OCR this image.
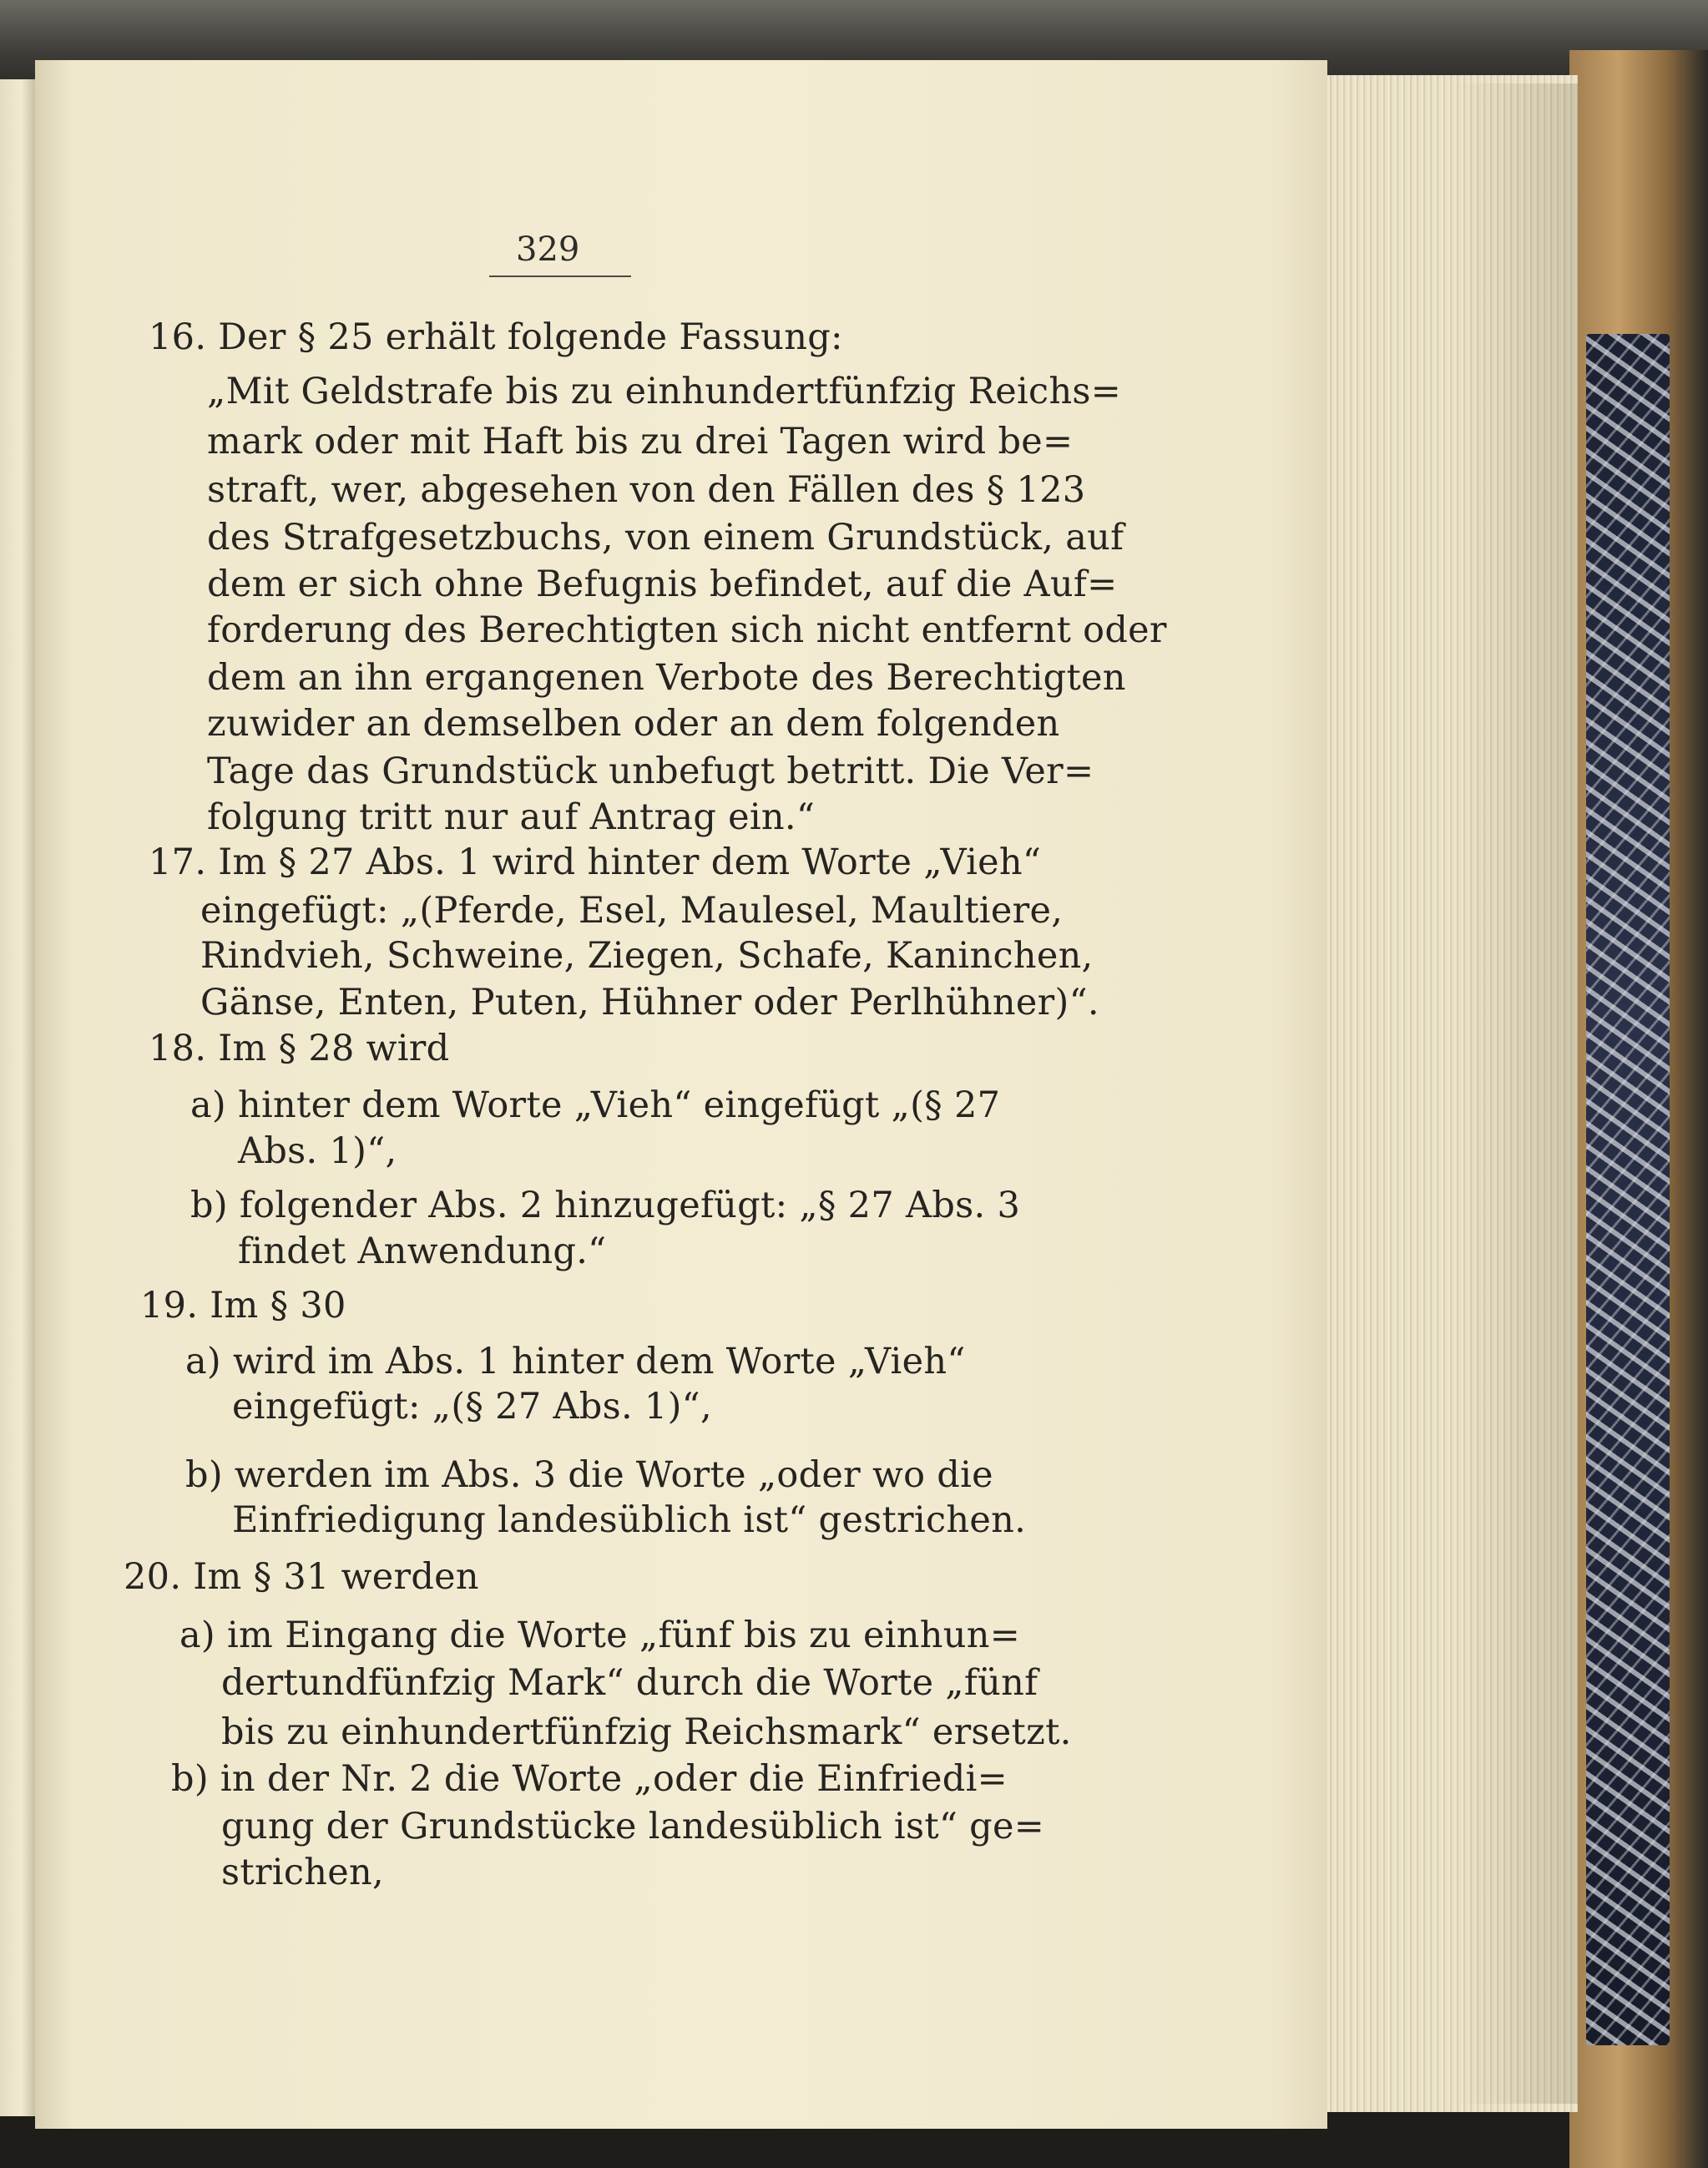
329
16. Der § 25 erhält folgende Fassung:
„Mit Geldstrafe bis zu einhundertfünfzig Reichs=
mark oder mit Haft bis zu drei Tagen wird be=
straft, wer, abgesehen von den Fällen des § 123
des Strafgesetzbuchs, von einem Grundstück, auf
dem er sich ohne Befugnis befindet, auf die Auf=
forderung des Berechtigten sich nicht entfernt oder
dem an ihn ergangenen Verbote des Berechtigten
zuwider an demselben oder an dem folgenden
Tage das Grundstück unbefugt betritt. Die Ver=
folgung tritt nur auf Antrag ein.“
17. Im § 27 Abs. 1 wird hinter dem Worte „Vieh“
eingefügt: „(Pferde, Esel, Maulesel, Maultiere,
Rindvieh, Schweine, Ziegen, Schafe, Kaninchen,
Gänse, Enten, Puten, Hühner oder Perlhühner)“.
18. Im § 28 wird
a) hinter dem Worte „Vieh“ eingefügt „(§ 27
Abs. 1)“,
b) folgender Abs. 2 hinzugefügt: „§ 27 Abs. 3
findet Anwendung.“
19. Im § 30
a) wird im Abs. 1 hinter dem Worte „Vieh“
eingefügt: „(§ 27 Abs. 1)“,
b) werden im Abs. 3 die Worte „oder wo die
Einfriedigung landesüblich ist“ gestrichen.
20. Im § 31 werden
a) im Eingang die Worte „fünf bis zu einhun=
dertundfünfzig Mark“ durch die Worte „fünf
bis zu einhundertfünfzig Reichsmark“ ersetzt.
b) in der Nr. 2 die Worte „oder die Einfriedi=
gung der Grundstücke landesüblich ist“ ge=
strichen,
